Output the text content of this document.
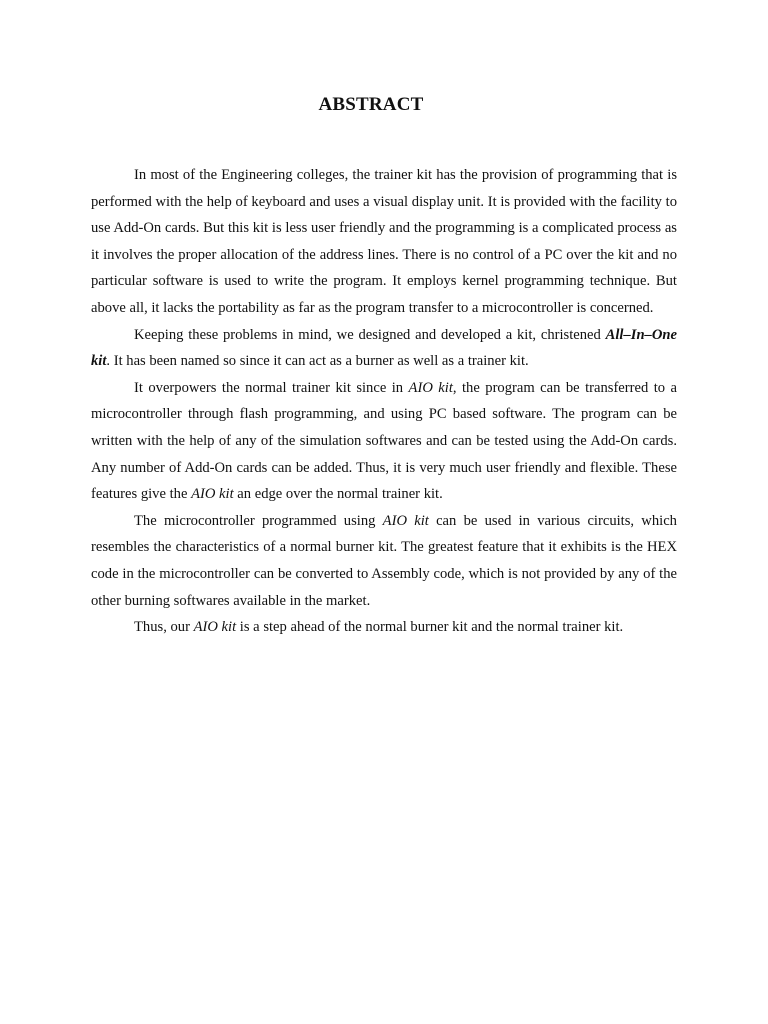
ABSTRACT

In most of the Engineering colleges, the trainer kit has the provision of programming that is performed with the help of keyboard and uses a visual display unit. It is provided with the facility to use Add-On cards. But this kit is less user friendly and the programming is a complicated process as it involves the proper allocation of the address lines. There is no control of a PC over the kit and no particular software is used to write the program. It employs kernel programming technique. But above all, it lacks the portability as far as the program transfer to a microcontroller is concerned.

Keeping these problems in mind, we designed and developed a kit, christened All–In–One kit. It has been named so since it can act as a burner as well as a trainer kit.

It overpowers the normal trainer kit since in AIO kit, the program can be transferred to a microcontroller through flash programming, and using PC based software. The program can be written with the help of any of the simulation softwares and can be tested using the Add-On cards. Any number of Add-On cards can be added. Thus, it is very much user friendly and flexible. These features give the AIO kit an edge over the normal trainer kit.

The microcontroller programmed using AIO kit can be used in various circuits, which resembles the characteristics of a normal burner kit. The greatest feature that it exhibits is the HEX code in the microcontroller can be converted to Assembly code, which is not provided by any of the other burning softwares available in the market.

Thus, our AIO kit is a step ahead of the normal burner kit and the normal trainer kit.
